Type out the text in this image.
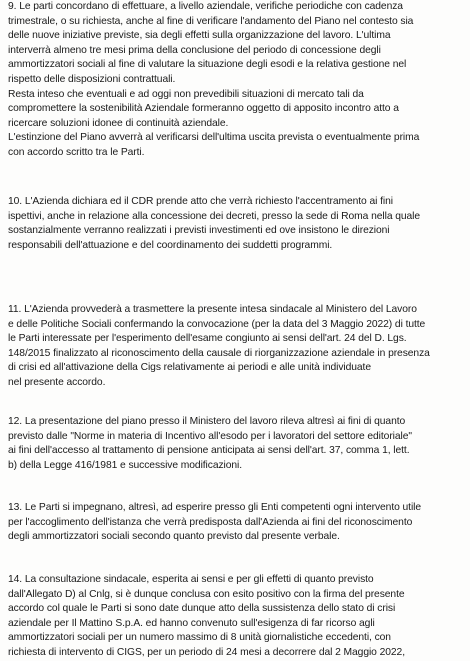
9. Le parti concordano di effettuare, a livello aziendale, verifiche periodiche con cadenza
trimestrale, o su richiesta, anche al fine di verificare l'andamento del Piano nel contesto sia
delle nuove iniziative previste, sia degli effetti sulla organizzazione del lavoro. L'ultima
interverrà almeno tre mesi prima della conclusione del periodo di concessione degli
ammortizzatori sociali al fine di valutare la situazione degli esodi e la relativa gestione nel
rispetto delle disposizioni contrattuali.
Resta inteso che eventuali e ad oggi non prevedibili situazioni di mercato tali da
compromettere la sostenibilità Aziendale formeranno oggetto di apposito incontro atto a
ricercare soluzioni idonee di continuità aziendale.
L'estinzione del Piano avverrà al verificarsi dell'ultima uscita prevista o eventualmente prima
con accordo scritto tra le Parti.
10. L'Azienda dichiara ed il CDR prende atto che verrà richiesto l'accentramento ai fini
ispettivi, anche in relazione alla concessione dei decreti, presso la sede di Roma nella quale
sostanzialmente verranno realizzati i previsti investimenti ed ove insistono le direzioni
responsabili dell'attuazione e del coordinamento dei suddetti programmi.
11. L'Azienda provvederà a trasmettere la presente intesa sindacale al Ministero del Lavoro
e delle Politiche Sociali confermando la convocazione (per la data del 3 Maggio 2022) di tutte
le Parti interessate per l'esperimento dell'esame congiunto ai sensi dell'art. 24 del D. Lgs.
148/2015 finalizzato al riconoscimento della causale di riorganizzazione aziendale in presenza
di crisi ed all'attivazione della Cigs relativamente ai periodi e alle unità individuate
nel presente accordo.
12. La presentazione del piano presso il Ministero del lavoro rileva altresì ai fini di quanto
previsto dalle "Norme in materia di Incentivo all'esodo per i lavoratori del settore editoriale"
ai fini dell'accesso al trattamento di pensione anticipata ai sensi dell'art. 37, comma 1, lett.
b) della Legge 416/1981 e successive modificazioni.
13. Le Parti si impegnano, altresì, ad esperire presso gli Enti competenti ogni intervento utile
per l'accoglimento dell'istanza che verrà predisposta dall'Azienda ai fini del riconoscimento
degli ammortizzatori sociali secondo quanto previsto dal presente verbale.
14. La consultazione sindacale, esperita ai sensi e per gli effetti di quanto previsto
dall'Allegato D) al Cnlg, si è dunque conclusa con esito positivo con la firma del presente
accordo col quale le Parti si sono date dunque atto della sussistenza dello stato di crisi
aziendale per Il Mattino S.p.A. ed hanno convenuto sull'esigenza di far ricorso agli
ammortizzatori sociali per un numero massimo di 8 unità giornalistiche eccedenti, con
richiesta di intervento di CIGS, per un periodo di 24 mesi a decorrere dal 2 Maggio 2022,
